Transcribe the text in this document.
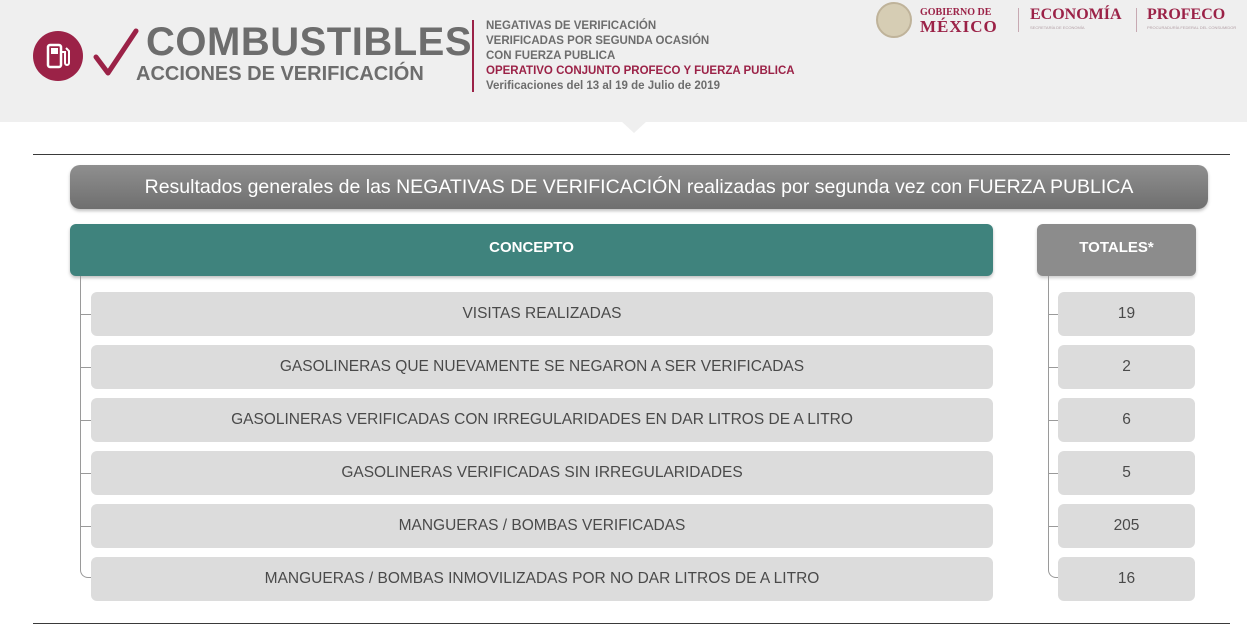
COMBUSTIBLES
ACCIONES DE VERIFICACIÓN
NEGATIVAS DE VERIFICACIÓN
VERIFICADAS POR SEGUNDA OCASIÓN
CON FUERZA PUBLICA
OPERATIVO CONJUNTO PROFECO Y FUERZA PUBLICA
Verificaciones del 13 al 19 de Julio de 2019
GOBIERNO DE
MÉXICO
ECONOMÍA
SECRETARÍA DE ECONOMÍA
PROFECO
PROCURADURÍA FEDERAL DEL CONSUMIDOR
Resultados generales de las NEGATIVAS DE VERIFICACIÓN realizadas por segunda vez con FUERZA PUBLICA
CONCEPTO	TOTALES*
VISITAS REALIZADAS	19
GASOLINERAS QUE NUEVAMENTE SE NEGARON A SER VERIFICADAS	2
GASOLINERAS VERIFICADAS CON IRREGULARIDADES EN DAR LITROS DE A LITRO	6
GASOLINERAS VERIFICADAS SIN IRREGULARIDADES	5
MANGUERAS / BOMBAS VERIFICADAS	205
MANGUERAS / BOMBAS INMOVILIZADAS POR NO DAR LITROS DE A LITRO	16
